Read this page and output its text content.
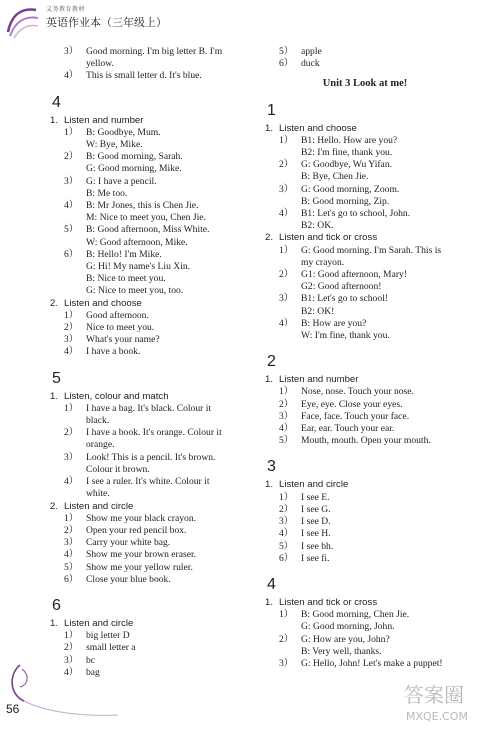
义务教育教材
英语作业本（三年级上）
3） Good morning. I'm big letter B. I'm
yellow.
4） This is small letter d. It's blue.
4
1. Listen and number
1） B: Goodbye, Mum.
W: Bye, Mike.
2） B: Good morning, Sarah.
G: Good morning, Mike.
3） G: I have a pencil.
B: Me too.
4） B: Mr Jones, this is Chen Jie.
M: Nice to meet you, Chen Jie.
5） B: Good afternoon, Miss White.
W: Good afternoon, Mike.
6） B: Hello! I'm Mike.
G: Hi! My name's Liu Xin.
B: Nice to meet you.
G: Nice to meet you, too.
2. Listen and choose
1） Good afternoon.
2） Nice to meet you.
3） What's your name?
4） I have a book.
5
1. Listen, colour and match
1） I have a bag. It's black. Colour it
black.
2） I have a book. It's orange. Colour it
orange.
3） Look! This is a pencil. It's brown.
Colour it brown.
4） I see a ruler. It's white. Colour it
white.
2. Listen and circle
1） Show me your black crayon.
2） Open your red pencil box.
3） Carry your white bag.
4） Show me your brown eraser.
5） Show me your yellow ruler.
6） Close your blue book.
6
1. Listen and circle
1） big letter D
2） small letter a
3） bc
4） bag
5） apple
6） duck
Unit 3 Look at me!
1
1. Listen and choose
1） B1: Hello. How are you?
B2: I'm fine, thank you.
2） G: Goodbye, Wu Yifan.
B: Bye, Chen Jie.
3） G: Good morning, Zoom.
B: Good morning, Zip.
4） B1: Let's go to school, John.
B2: OK.
2. Listen and tick or cross
1） G: Good morning. I'm Sarah. This is
my crayon.
2） G1: Good afternoon, Mary!
G2: Good afternoon!
3） B1: Let's go to school!
B2: OK!
4） B: How are you?
W: I'm fine, thank you.
2
1. Listen and number
1） Nose, nose. Touch your nose.
2） Eye, eye. Close your eyes.
3） Face, face. Touch your face.
4） Ear, ear. Touch your ear.
5） Mouth, mouth. Open your mouth.
3
1. Listen and circle
1） I see E.
2） I see G.
3） I see D.
4） I see H.
5） I see bh.
6） I see fi.
4
1. Listen and tick or cross
1） B: Good morning, Chen Jie.
G: Good morning, John.
2） G: How are you, John?
B: Very well, thanks.
3） G: Hello, John! Let's make a puppet!
56
答案圈
MXQE.COM
